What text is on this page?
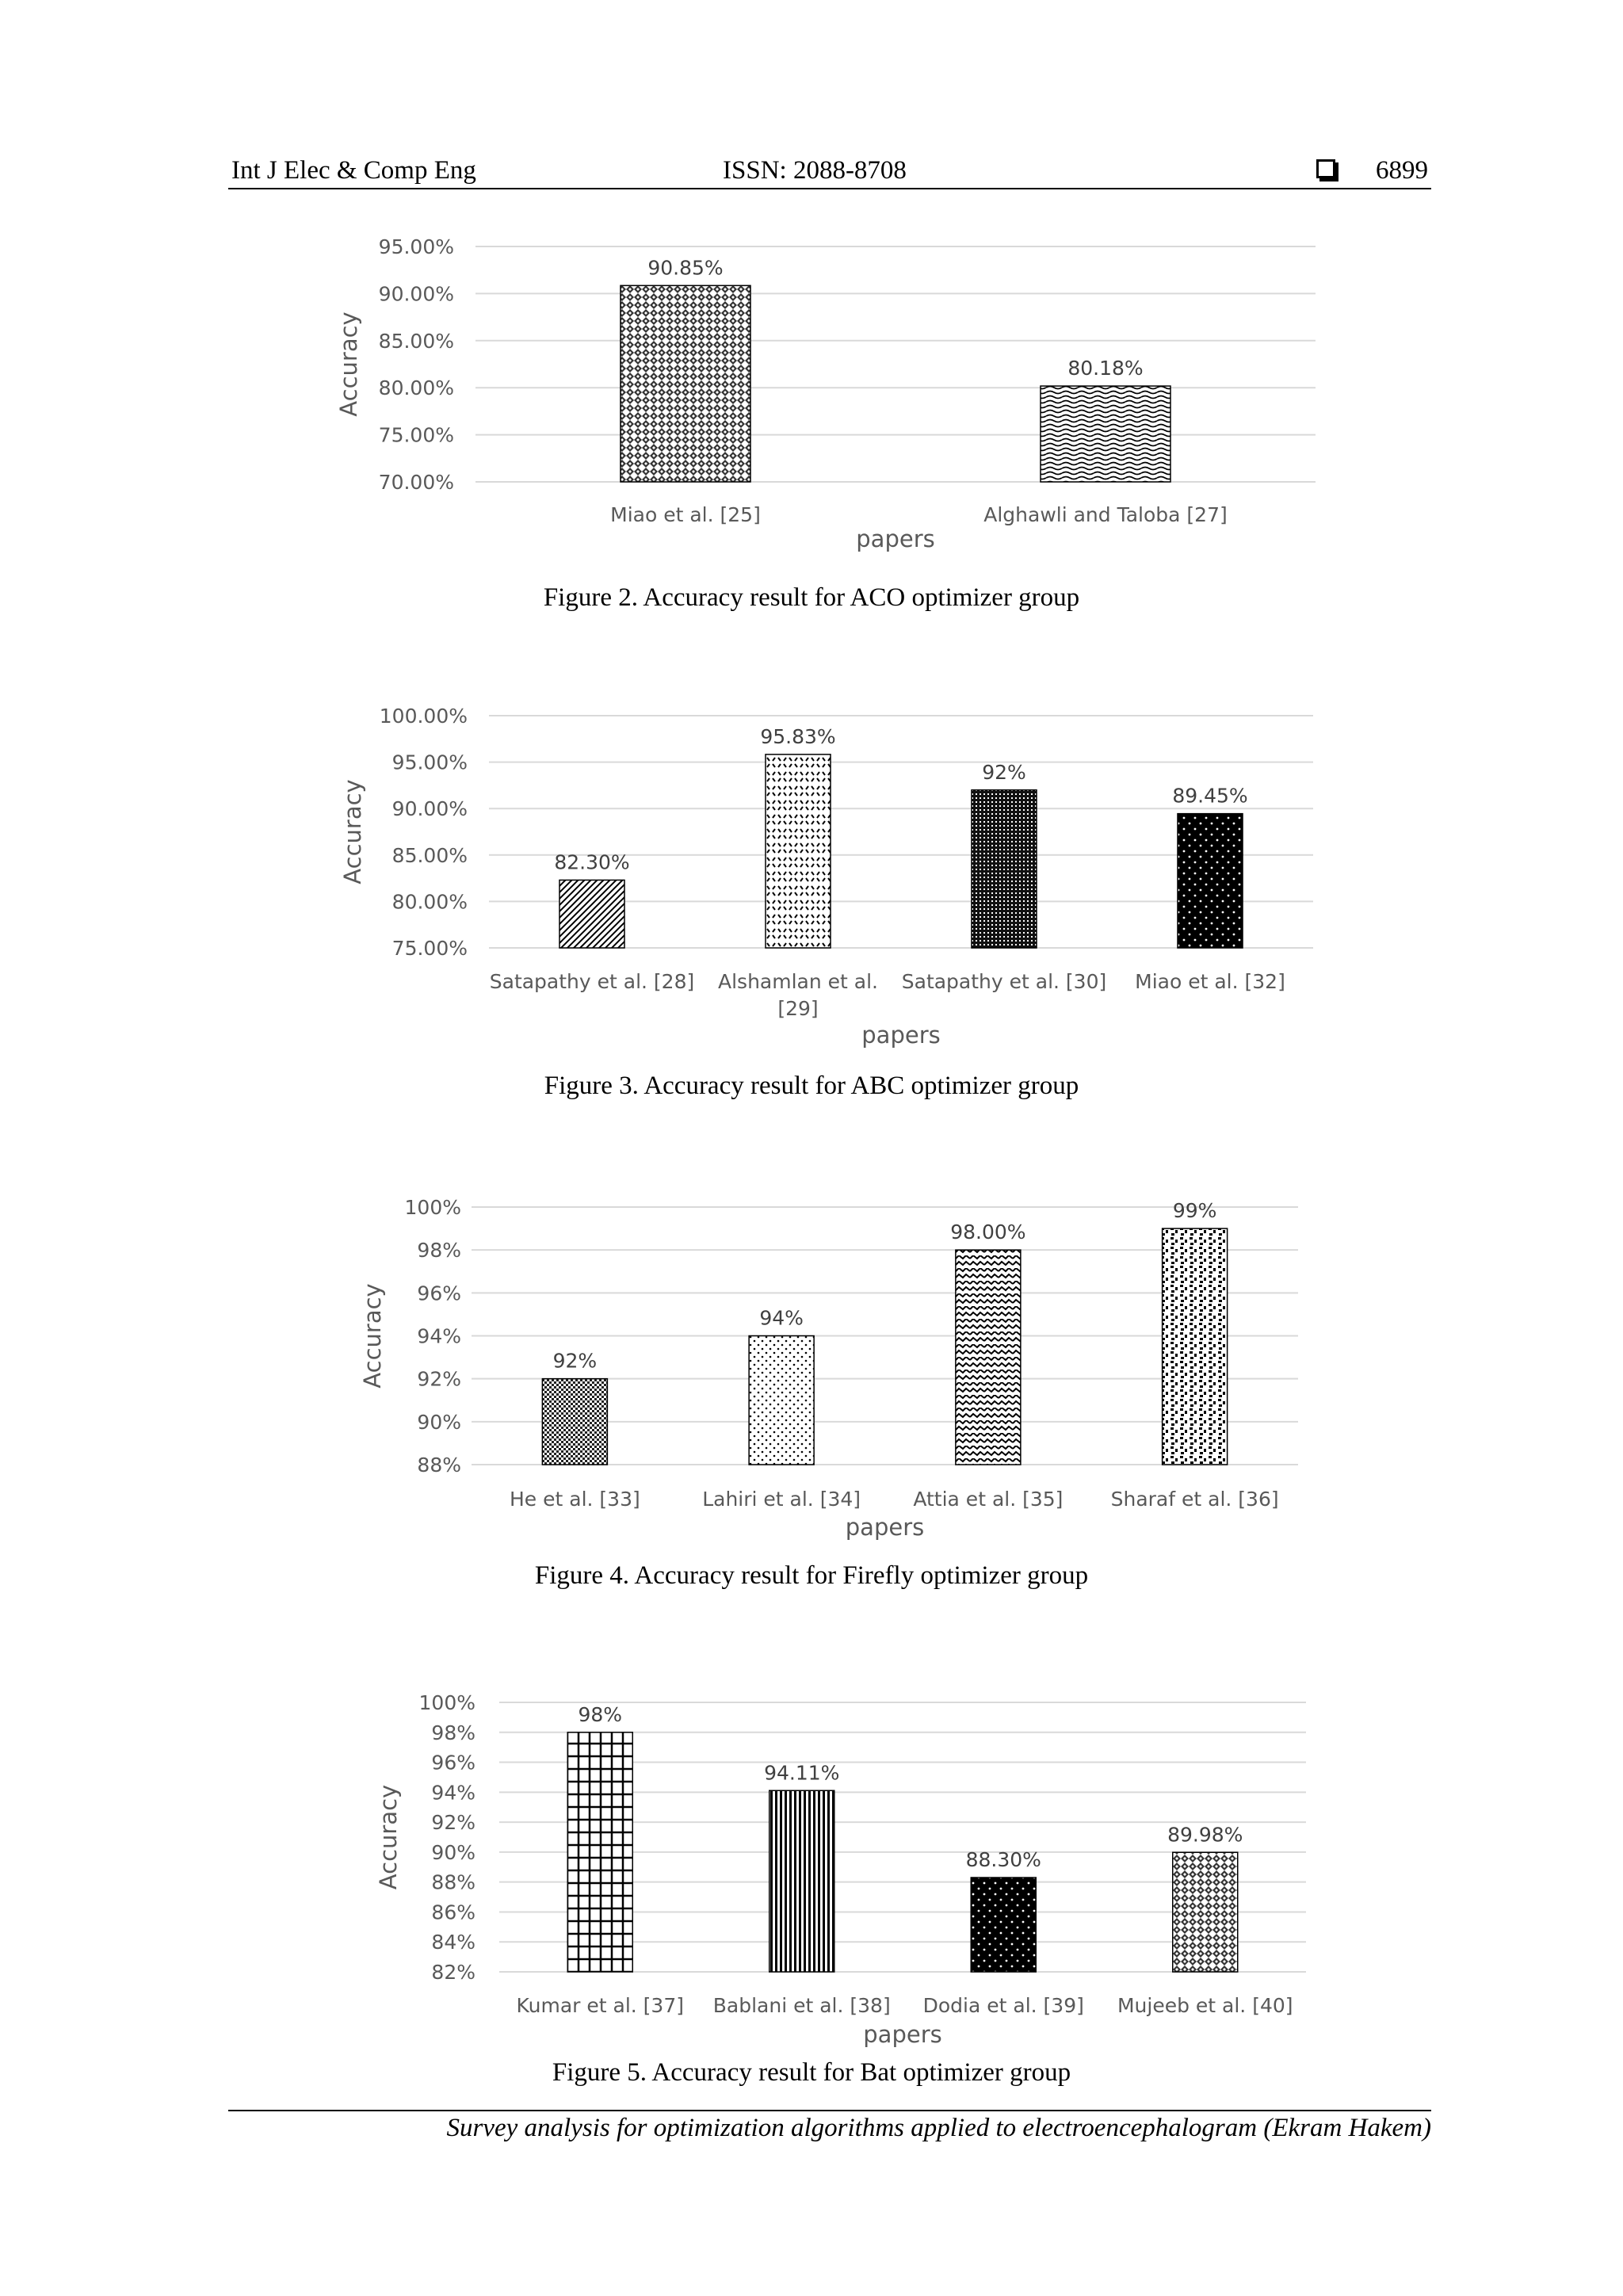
Int J Elec & Comp Eng	ISSN: 2088-8708	6899
70.00%
75.00%
80.00%
85.00%
90.00%
95.00%
90.85%
Miao et al. [25]
80.18%
Alghawli and Taloba [27]
papers
Accuracy
75.00%
80.00%
85.00%
90.00%
95.00%
100.00%
82.30%
Satapathy et al. [28]
95.83%
Alshamlan et al.
[29]
92%
Satapathy et al. [30]
89.45%
Miao et al. [32]
papers
Accuracy
88%
90%
92%
94%
96%
98%
100%
92%
He et al. [33]
94%
Lahiri et al. [34]
98.00%
Attia et al. [35]
99%
Sharaf et al. [36]
papers
Accuracy
82%
84%
86%
88%
90%
92%
94%
96%
98%
100%
98%
Kumar et al. [37]
94.11%
Bablani et al. [38]
88.30%
Dodia et al. [39]
89.98%
Mujeeb et al. [40]
papers
Accuracy
Figure 2. Accuracy result for ACO optimizer group
Figure 3. Accuracy result for ABC optimizer group
Figure 4. Accuracy result for Firefly optimizer group
Figure 5. Accuracy result for Bat optimizer group
Survey analysis for optimization algorithms applied to electroencephalogram (Ekram Hakem)
